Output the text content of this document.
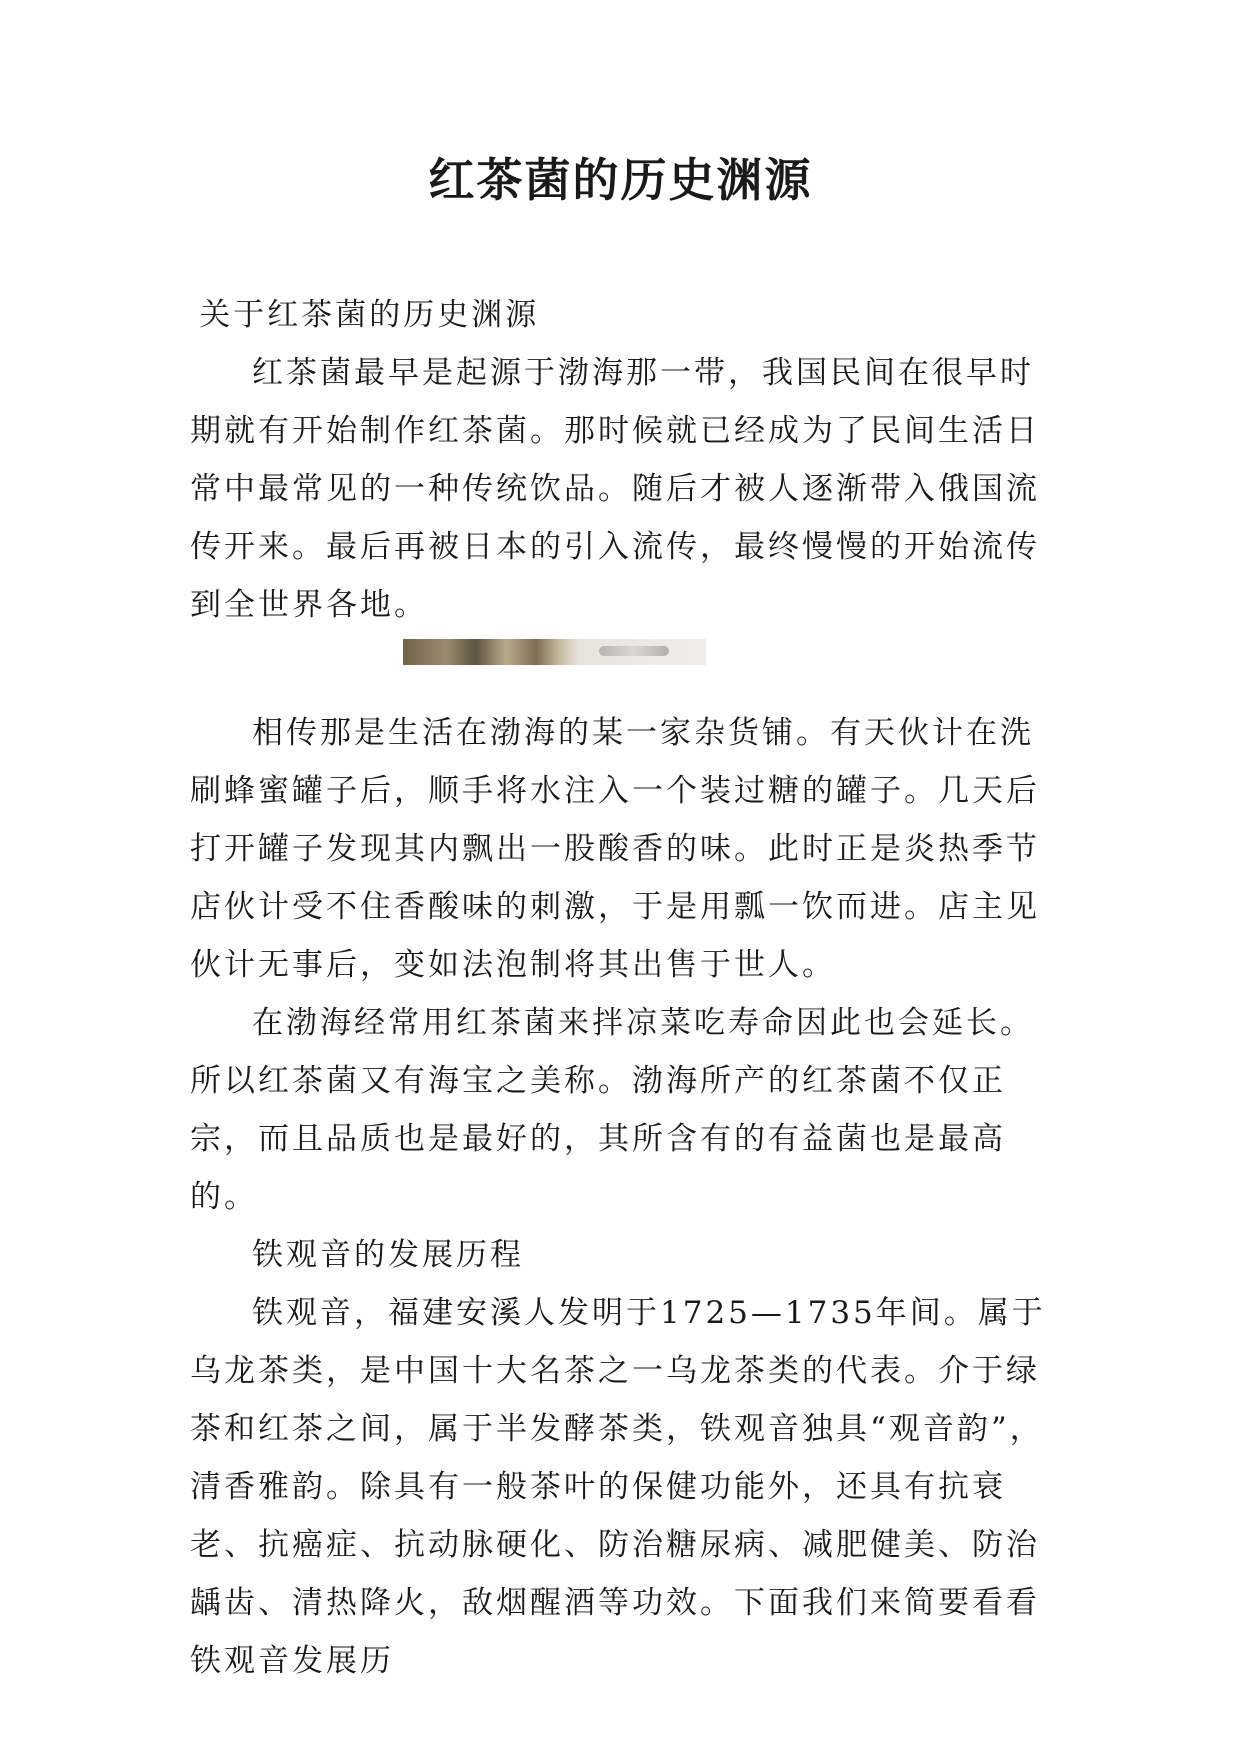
红茶菌的历史渊源

关于红茶菌的历史渊源

红茶菌最早是起源于渤海那一带，我国民间在很早时期就有开始制作红茶菌。那时候就已经成为了民间生活日常中最常见的一种传统饮品。随后才被人逐渐带入俄国流传开来。最后再被日本的引入流传，最终慢慢的开始流传到全世界各地。

相传那是生活在渤海的某一家杂货铺。有天伙计在洗刷蜂蜜罐子后，顺手将水注入一个装过糖的罐子。几天后打开罐子发现其内飘出一股酸香的味。此时正是炎热季节店伙计受不住香酸味的刺激，于是用瓢一饮而进。店主见伙计无事后，变如法泡制将其出售于世人。

在渤海经常用红茶菌来拌凉菜吃寿命因此也会延长。所以红茶菌又有海宝之美称。渤海所产的红茶菌不仅正宗，而且品质也是最好的，其所含有的有益菌也是最高的。

铁观音的发展历程

铁观音，福建安溪人发明于1725—1735年间。属于乌龙茶类，是中国十大名茶之一乌龙茶类的代表。介于绿茶和红茶之间，属于半发酵茶类，铁观音独具“观音韵”，清香雅韵。除具有一般茶叶的保健功能外，还具有抗衰老、抗癌症、抗动脉硬化、防治糖尿病、减肥健美、防治龋齿、清热降火，敌烟醒酒等功效。下面我们来简要看看铁观音发展历
